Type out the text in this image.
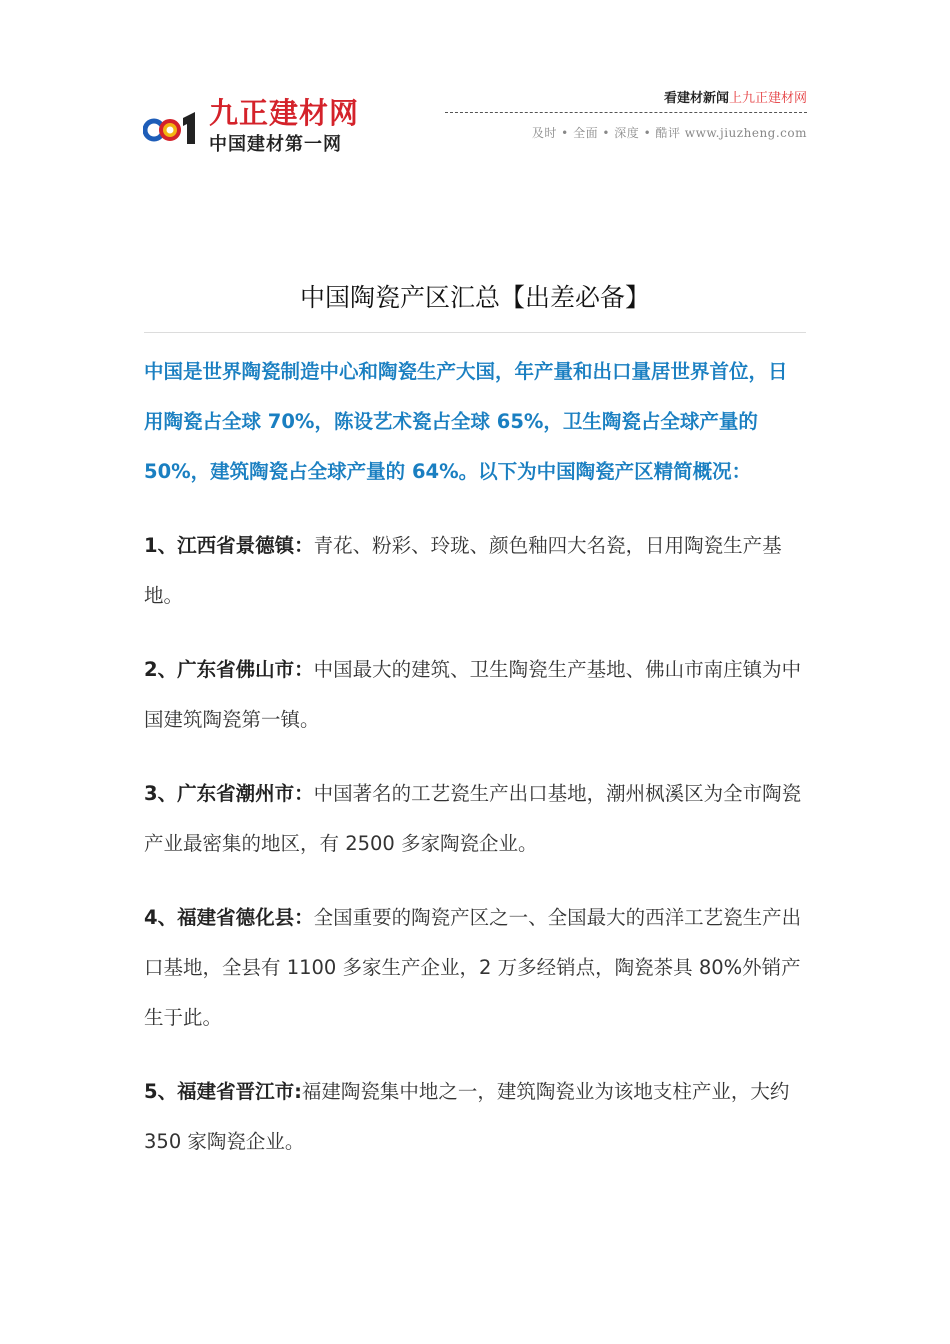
九正建材网
中国建材第一网
看建材新闻上九正建材网
及时 • 全面 • 深度 • 酷评 www.jiuzheng.com
中国陶瓷产区汇总【出差必备】

中国是世界陶瓷制造中心和陶瓷生产大国，年产量和出口量居世界首位，日用陶瓷占全球 70%，陈设艺术瓷占全球 65%，卫生陶瓷占全球产量的 50%，建筑陶瓷占全球产量的 64%。以下为中国陶瓷产区精简概况：

1、江西省景德镇：青花、粉彩、玲珑、颜色釉四大名瓷，日用陶瓷生产基地。

2、广东省佛山市：中国最大的建筑、卫生陶瓷生产基地、佛山市南庄镇为中国建筑陶瓷第一镇。

3、广东省潮州市：中国著名的工艺瓷生产出口基地，潮州枫溪区为全市陶瓷产业最密集的地区，有 2500 多家陶瓷企业。

4、福建省德化县：全国重要的陶瓷产区之一、全国最大的西洋工艺瓷生产出口基地，全县有 1100 多家生产企业，2 万多经销点，陶瓷茶具 80%外销产生于此。

5、福建省晋江市:福建陶瓷集中地之一，建筑陶瓷业为该地支柱产业，大约 350 家陶瓷企业。
